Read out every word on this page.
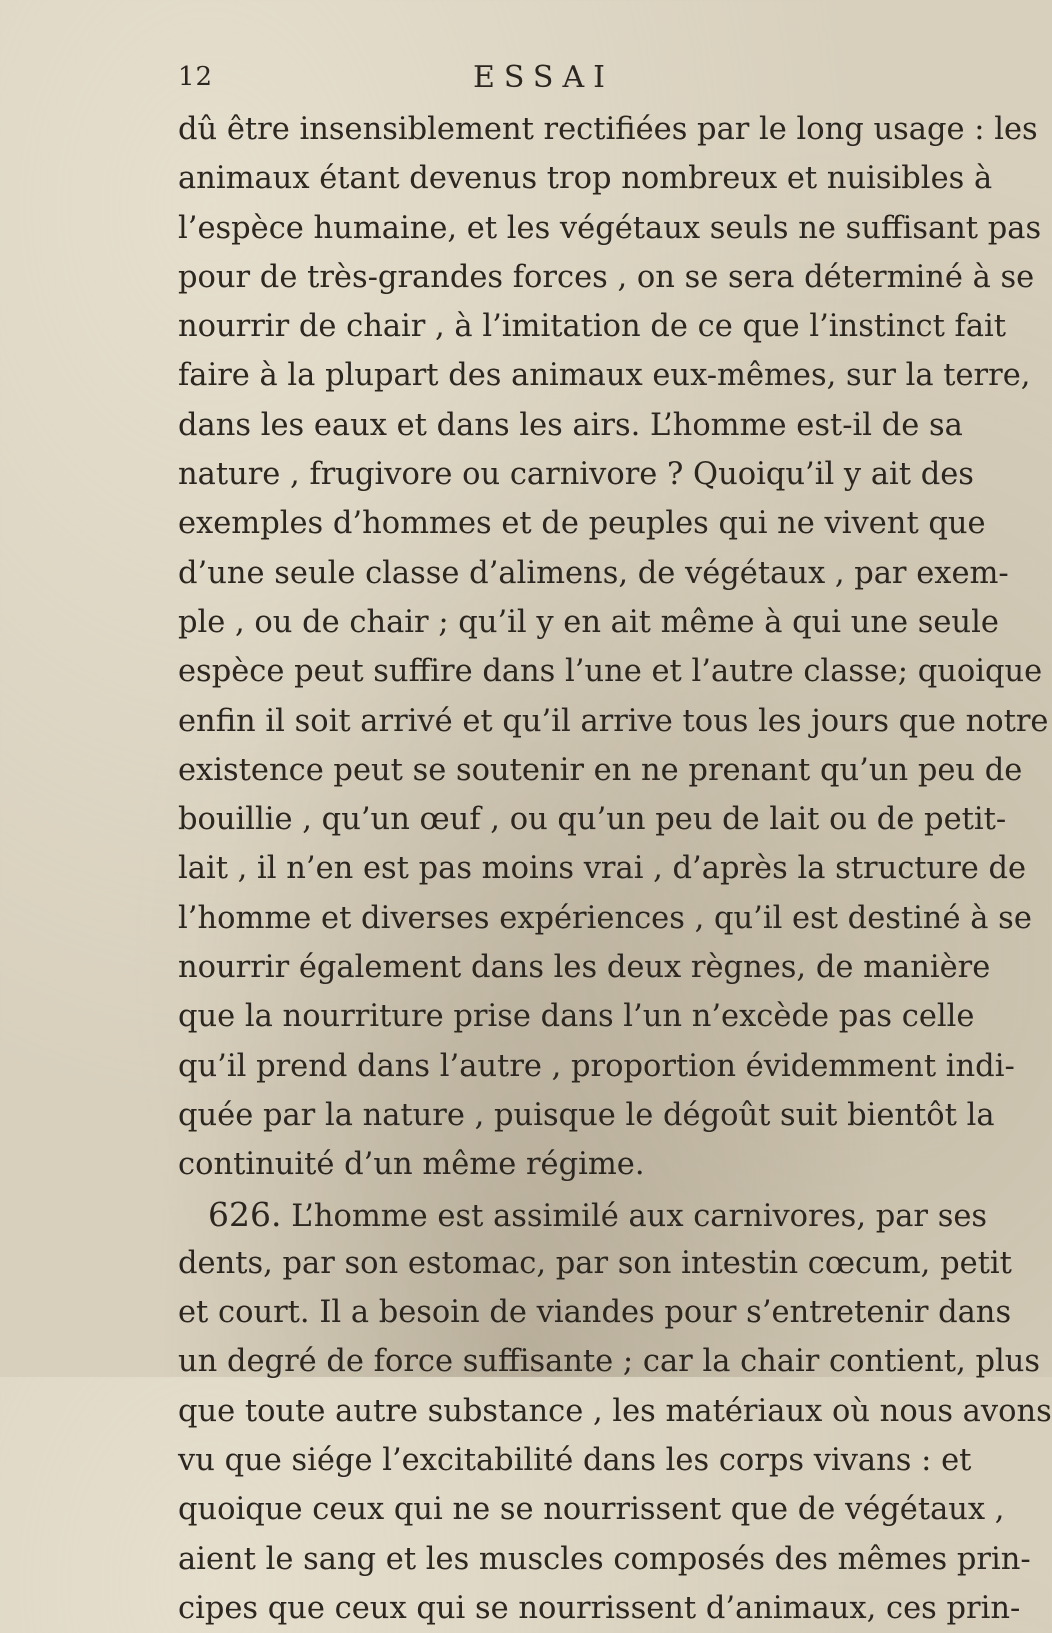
12	ESSAI
dû être insensiblement rectifiées par le long usage : les
animaux étant devenus trop nombreux et nuisibles à
l’espèce humaine, et les végétaux seuls ne suffisant pas
pour de très-grandes forces , on se sera déterminé à se
nourrir de chair , à l’imitation de ce que l’instinct fait
faire à la plupart des animaux eux-mêmes, sur la terre,
dans les eaux et dans les airs. L’homme est-il de sa
nature , frugivore ou carnivore ? Quoiqu’il y ait des
exemples d’hommes et de peuples qui ne vivent que
d’une seule classe d’alimens, de végétaux , par exem-
ple , ou de chair ; qu’il y en ait même à qui une seule
espèce peut suffire dans l’une et l’autre classe; quoique
enfin il soit arrivé et qu’il arrive tous les jours que notre
existence peut se soutenir en ne prenant qu’un peu de
bouillie , qu’un œuf , ou qu’un peu de lait ou de petit-
lait , il n’en est pas moins vrai , d’après la structure de
l’homme et diverses expériences , qu’il est destiné à se
nourrir également dans les deux règnes, de manière
que la nourriture prise dans l’un n’excède pas celle
qu’il prend dans l’autre , proportion évidemment indi-
quée par la nature , puisque le dégoût suit bientôt la
continuité d’un même régime.
626. L’homme est assimilé aux carnivores, par ses
dents, par son estomac, par son intestin cœcum, petit
et court. Il a besoin de viandes pour s’entretenir dans
un degré de force suffisante ; car la chair contient, plus
que toute autre substance , les matériaux où nous avons
vu que siége l’excitabilité dans les corps vivans : et
quoique ceux qui ne se nourrissent que de végétaux ,
aient le sang et les muscles composés des mêmes prin-
cipes que ceux qui se nourrissent d’animaux, ces prin-
